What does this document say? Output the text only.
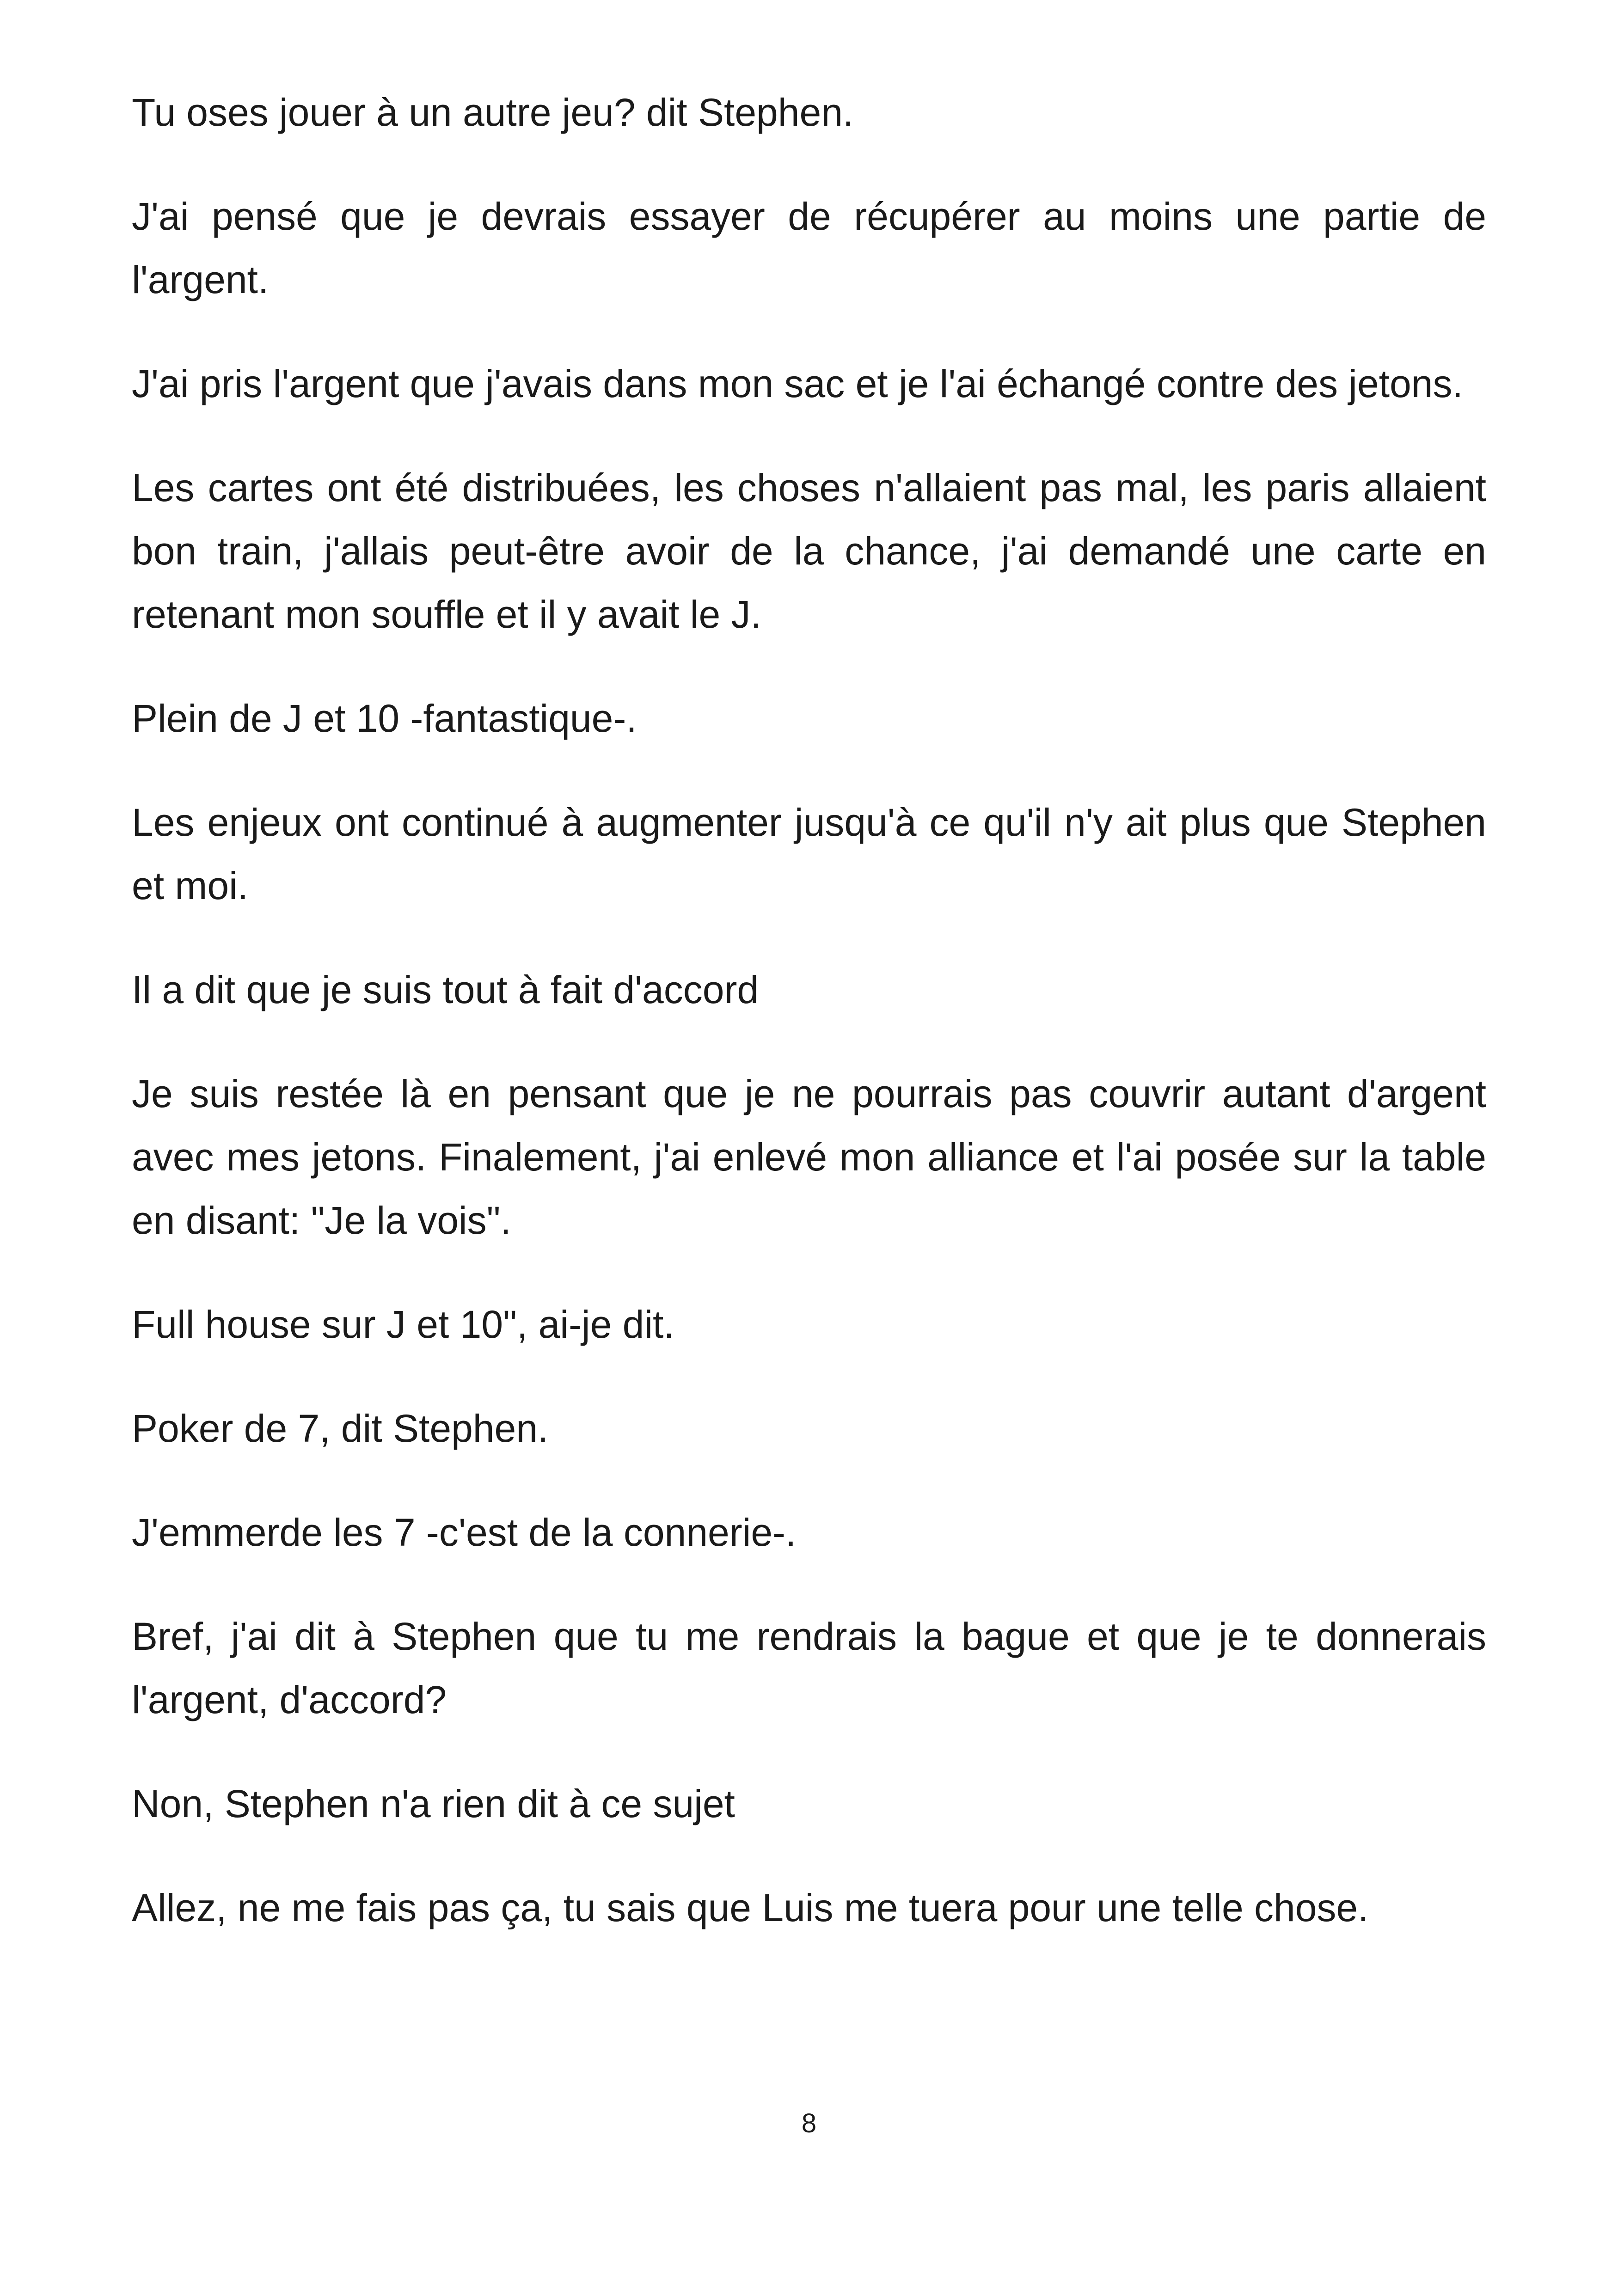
Tu oses jouer à un autre jeu? dit Stephen.

J'ai pensé que je devrais essayer de récupérer au moins une partie de l'argent.

J'ai pris l'argent que j'avais dans mon sac et je l'ai échangé contre des jetons.

Les cartes ont été distribuées, les choses n'allaient pas mal, les paris allaient bon train, j'allais peut-être avoir de la chance, j'ai demandé une carte en retenant mon souffle et il y avait le J.

Plein de J et 10 -fantastique-.

Les enjeux ont continué à augmenter jusqu'à ce qu'il n'y ait plus que Stephen et moi.

Il a dit que je suis tout à fait d'accord

Je suis restée là en pensant que je ne pourrais pas couvrir autant d'argent avec mes jetons. Finalement, j'ai enlevé mon alliance et l'ai posée sur la table en disant: "Je la vois".

Full house sur J et 10", ai-je dit.

Poker de 7, dit Stephen.

J'emmerde les 7 -c'est de la connerie-.

Bref, j'ai dit à Stephen que tu me rendrais la bague et que je te donnerais l'argent, d'accord?

Non, Stephen n'a rien dit à ce sujet

Allez, ne me fais pas ça, tu sais que Luis me tuera pour une telle chose.

8
